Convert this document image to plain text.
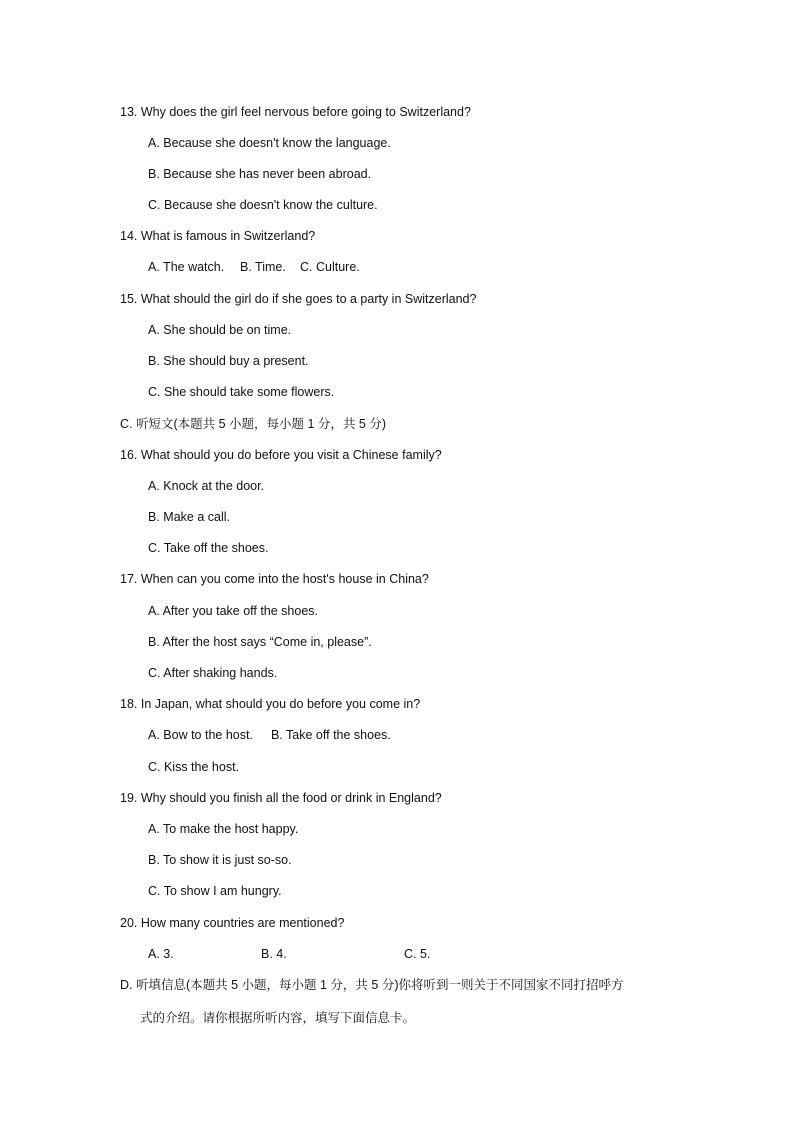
13. Why does the girl feel nervous before going to Switzerland?
A. Because she doesn't know the language.
B. Because she has never been abroad.
C. Because she doesn't know the culture.
14. What is famous in Switzerland?
A. The watch. B. Time. C. Culture.
15. What should the girl do if she goes to a party in Switzerland?
A. She should be on time.
B. She should buy a present.
C. She should take some flowers.
C. 听短文(本题共 5 小题，每小题 1 分，共 5 分)
16. What should you do before you visit a Chinese family?
A. Knock at the door.
B. Make a call.
C. Take off the shoes.
17. When can you come into the host's house in China?
A. After you take off the shoes.
B. After the host says “Come in, please”.
C. After shaking hands.
18. In Japan, what should you do before you come in?
A. Bow to the host. B. Take off the shoes.
C. Kiss the host.
19. Why should you finish all the food or drink in England?
A. To make the host happy.
B. To show it is just so-so.
C. To show I am hungry.
20. How many countries are mentioned?
A. 3.	B. 4.	C. 5.
D. 听填信息(本题共 5 小题，每小题 1 分，共 5 分)你将听到一则关于不同国家不同打招呼方
式的介绍。请你根据所听内容，填写下面信息卡。
